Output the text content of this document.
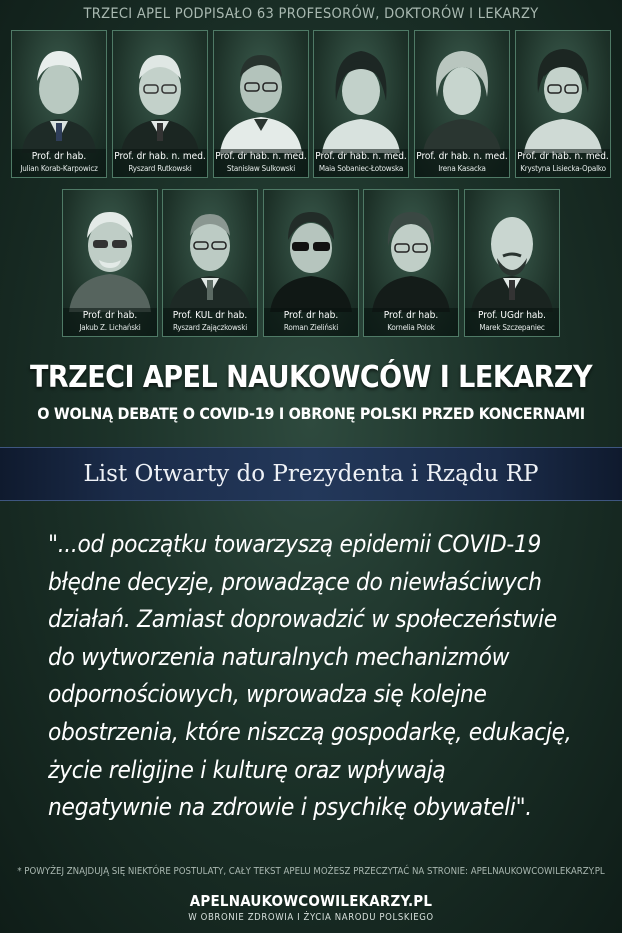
TRZECI APEL PODPISAŁO 63 PROFESORÓW, DOKTORÓW I LEKARZY
Prof. dr hab.
Julian Korab-Karpowicz
Prof. dr hab. n. med.
Ryszard Rutkowski
Prof. dr hab. n. med.
Stanisław Sulkowski
Prof. dr hab. n. med.
Maia Sobaniec-Łotowska
Prof. dr hab. n. med.
Irena Kasacka
Prof. dr hab. n. med.
Krystyna Lisiecka-Opalko
Prof. dr hab.
Jakub Z. Lichański
Prof. KUL dr hab.
Ryszard Zajączkowski
Prof. dr hab.
Roman Zieliński
Prof. dr hab.
Kornelia Polok
Prof. UGdr hab.
Marek Szczepaniec
TRZECI APEL NAUKOWCÓW I LEKARZY
O WOLNĄ DEBATĘ O COVID-19 I OBRONĘ POLSKI PRZED KONCERNAMI
List Otwarty do Prezydenta i Rządu RP
"...od początku towarzyszą epidemii COVID-19
błędne decyzje, prowadzące do niewłaściwych
działań. Zamiast doprowadzić w społeczeństwie
do wytworzenia naturalnych mechanizmów
odpornościowych, wprowadza się kolejne
obostrzenia, które niszczą gospodarkę, edukację,
życie religijne i kulturę oraz wpływają
negatywnie na zdrowie i psychikę obywateli".
* POWYŻEJ ZNAJDUJĄ SIĘ NIEKTÓRE POSTULATY, CAŁY TEKST APELU MOŻESZ PRZECZYTAĆ NA STRONIE: APELNAUKOWCOWILEKARZY.PL
APELNAUKOWCOWILEKARZY.PL
W OBRONIE ZDROWIA I ŻYCIA NARODU POLSKIEGO
